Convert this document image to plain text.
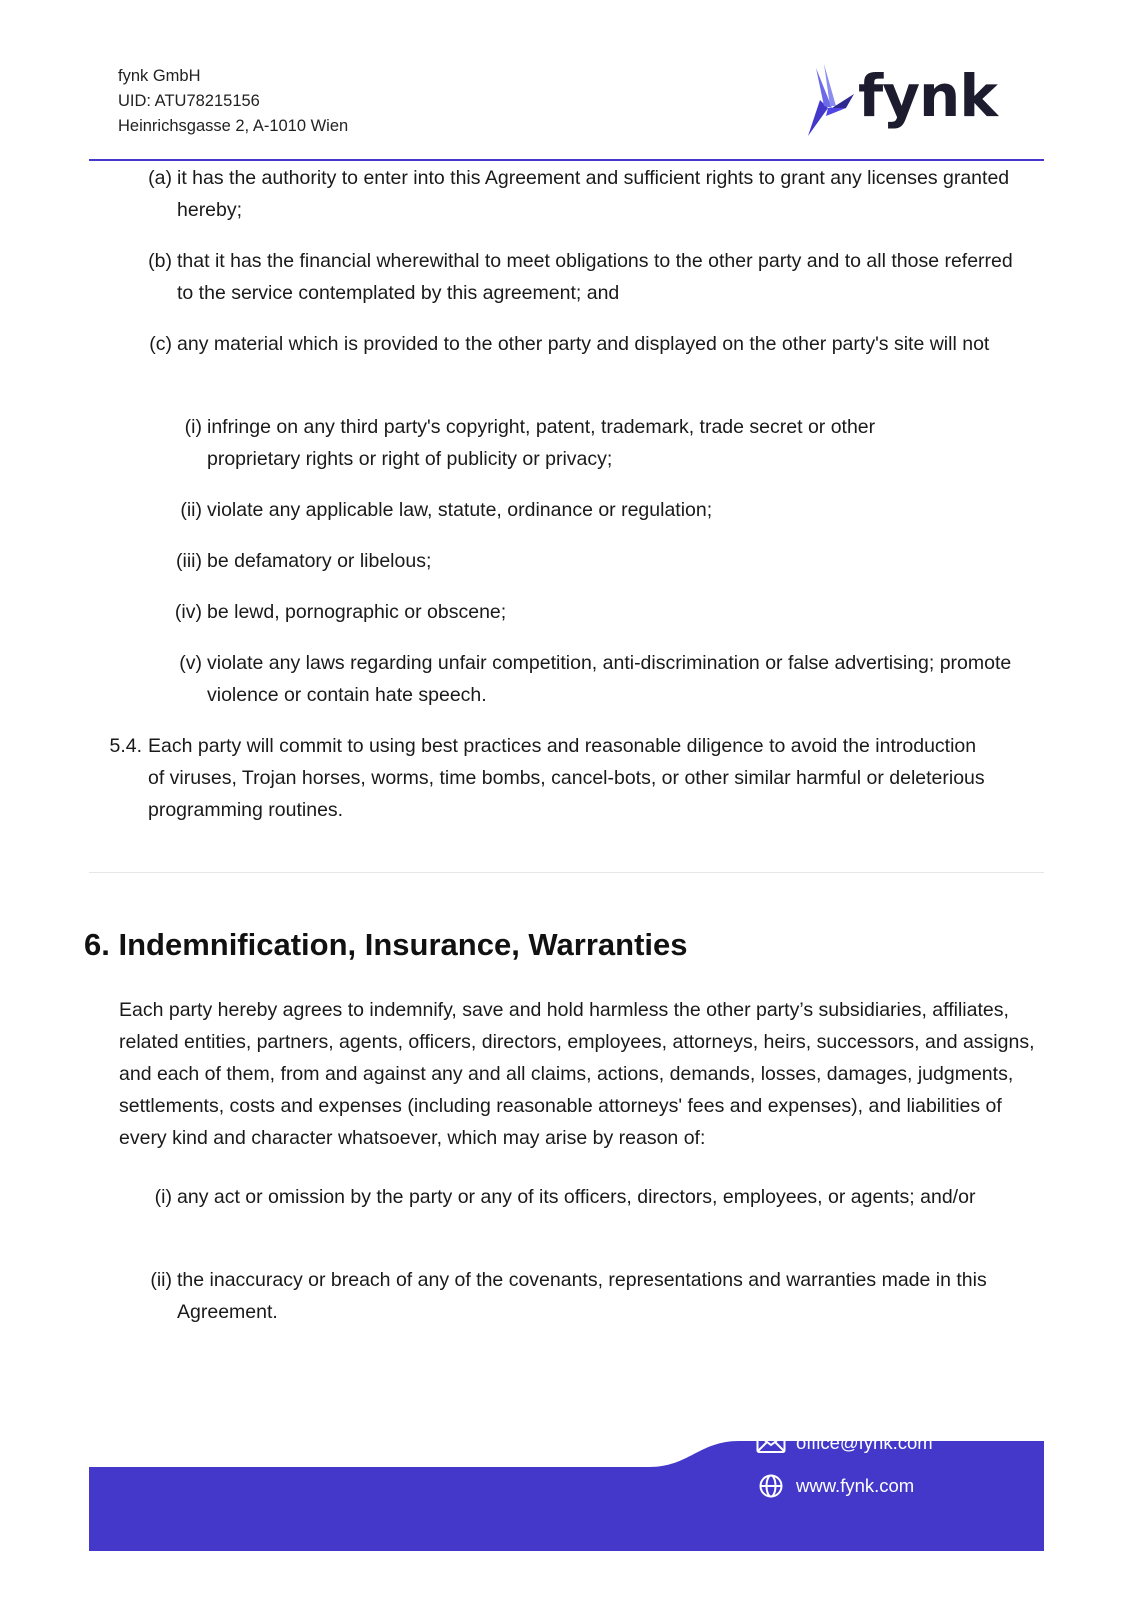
fynk GmbH
UID: ATU78215156
Heinrichsgasse 2, A-1010 Wien	fynk
(a) it has the authority to enter into this Agreement and sufficient rights to grant any licenses granted hereby;
(b) that it has the financial wherewithal to meet obligations to the other party and to all those referred to the service contemplated by this agreement; and
(c) any material which is provided to the other party and displayed on the other party's site will not
(i) infringe on any third party's copyright, patent, trademark, trade secret or other proprietary rights or right of publicity or privacy;
(ii) violate any applicable law, statute, ordinance or regulation;
(iii) be defamatory or libelous;
(iv) be lewd, pornographic or obscene;
(v) violate any laws regarding unfair competition, anti-discrimination or false advertising; promote violence or contain hate speech.
5.4. Each party will commit to using best practices and reasonable diligence to avoid the introduction of viruses, Trojan horses, worms, time bombs, cancel-bots, or other similar harmful or deleterious programming routines.
6. Indemnification, Insurance, Warranties
Each party hereby agrees to indemnify, save and hold harmless the other party’s subsidiaries, affiliates, related entities, partners, agents, officers, directors, employees, attorneys, heirs, successors, and assigns, and each of them, from and against any and all claims, actions, demands, losses, damages, judgments, settlements, costs and expenses (including reasonable attorneys' fees and expenses), and liabilities of every kind and character whatsoever, which may arise by reason of:
(i) any act or omission by the party or any of its officers, directors, employees, or agents; and/or
(ii) the inaccuracy or breach of any of the covenants, representations and warranties made in this Agreement.
office@fynk.com
www.fynk.com
